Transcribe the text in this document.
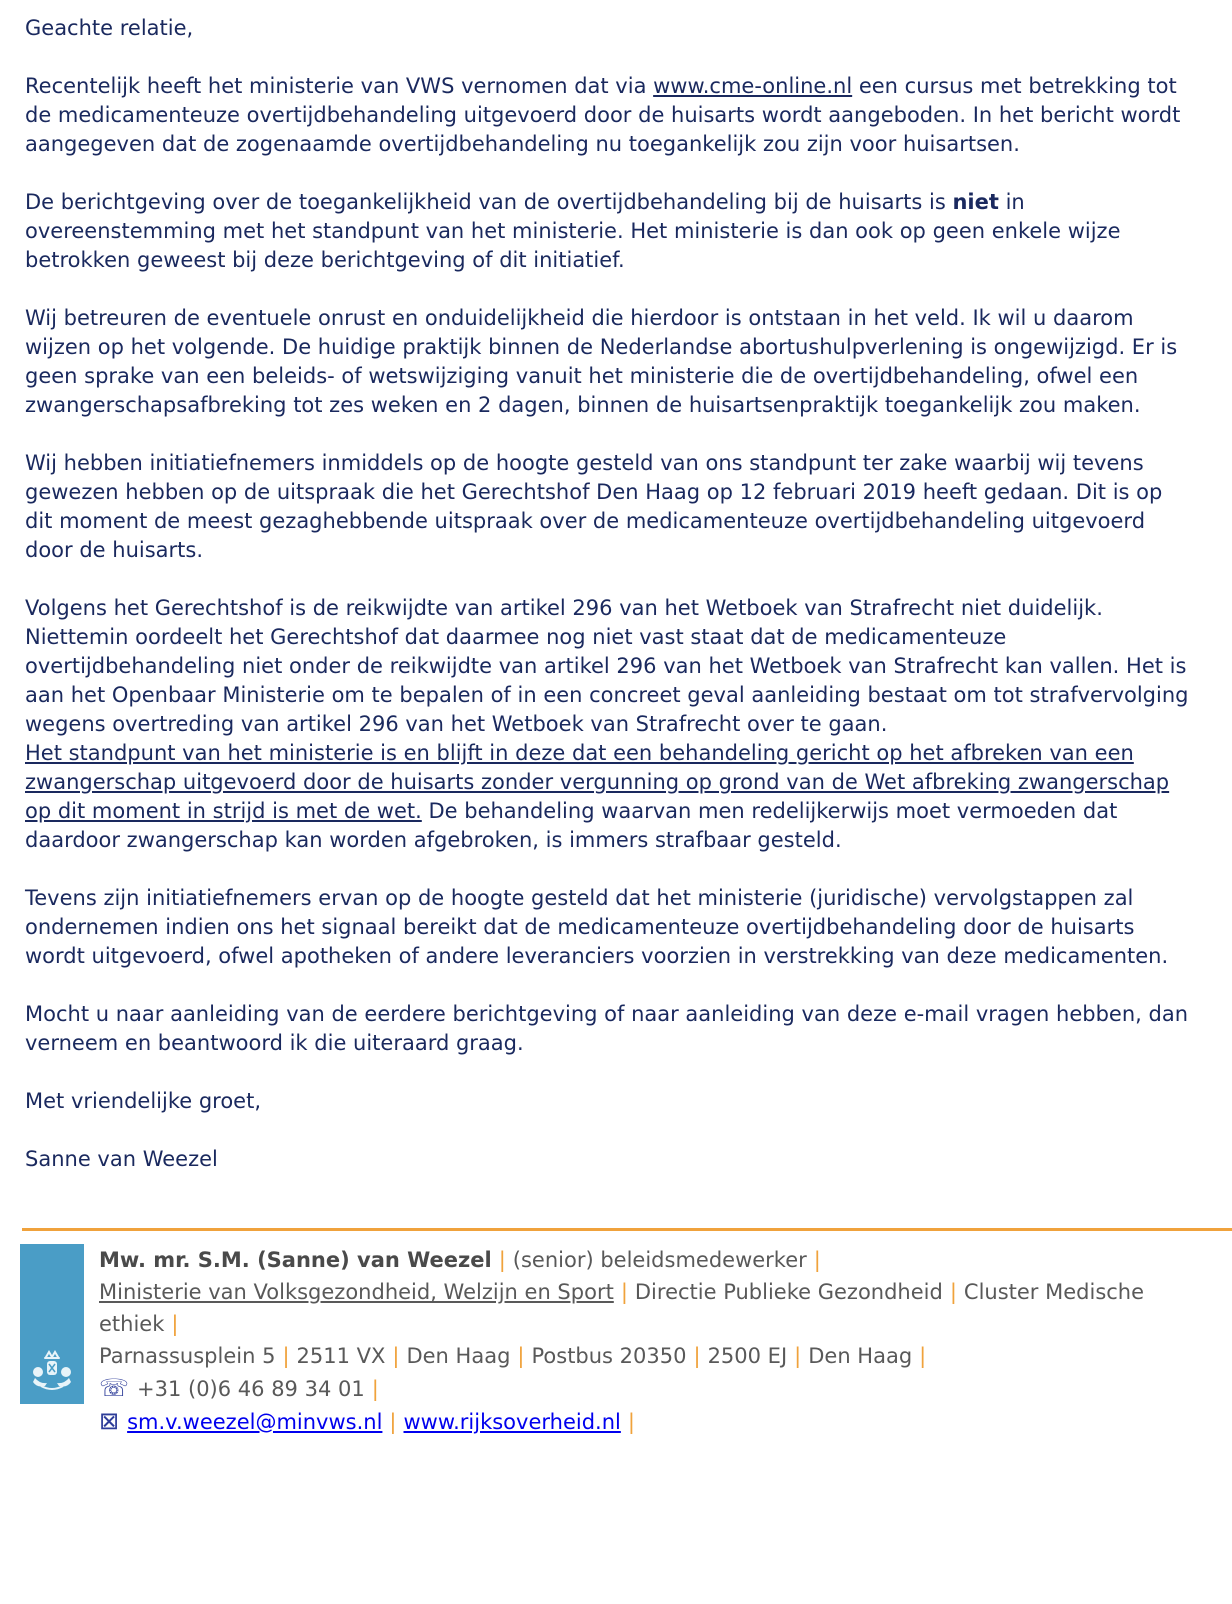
Geachte relatie,

Recentelijk heeft het ministerie van VWS vernomen dat via www.cme-online.nl een cursus met betrekking tot de medicamenteuze overtijdbehandeling uitgevoerd door de huisarts wordt aangeboden. In het bericht wordt aangegeven dat de zogenaamde overtijdbehandeling nu toegankelijk zou zijn voor huisartsen.

De berichtgeving over de toegankelijkheid van de overtijdbehandeling bij de huisarts is niet in overeenstemming met het standpunt van het ministerie. Het ministerie is dan ook op geen enkele wijze betrokken geweest bij deze berichtgeving of dit initiatief.

Wij betreuren de eventuele onrust en onduidelijkheid die hierdoor is ontstaan in het veld. Ik wil u daarom wijzen op het volgende. De huidige praktijk binnen de Nederlandse abortushulpverlening is ongewijzigd. Er is geen sprake van een beleids- of wetswijziging vanuit het ministerie die de overtijdbehandeling, ofwel een zwangerschapsafbreking tot zes weken en 2 dagen, binnen de huisartsenpraktijk toegankelijk zou maken.

Wij hebben initiatiefnemers inmiddels op de hoogte gesteld van ons standpunt ter zake waarbij wij tevens gewezen hebben op de uitspraak die het Gerechtshof Den Haag op 12 februari 2019 heeft gedaan. Dit is op dit moment de meest gezaghebbende uitspraak over de medicamenteuze overtijdbehandeling uitgevoerd door de huisarts.

Volgens het Gerechtshof is de reikwijdte van artikel 296 van het Wetboek van Strafrecht niet duidelijk. Niettemin oordeelt het Gerechtshof dat daarmee nog niet vast staat dat de medicamenteuze overtijdbehandeling niet onder de reikwijdte van artikel 296 van het Wetboek van Strafrecht kan vallen. Het is aan het Openbaar Ministerie om te bepalen of in een concreet geval aanleiding bestaat om tot strafvervolging wegens overtreding van artikel 296 van het Wetboek van Strafrecht over te gaan.
Het standpunt van het ministerie is en blijft in deze dat een behandeling gericht op het afbreken van een zwangerschap uitgevoerd door de huisarts zonder vergunning op grond van de Wet afbreking zwangerschap op dit moment in strijd is met de wet. De behandeling waarvan men redelijkerwijs moet vermoeden dat daardoor zwangerschap kan worden afgebroken, is immers strafbaar gesteld.

Tevens zijn initiatiefnemers ervan op de hoogte gesteld dat het ministerie (juridische) vervolgstappen zal ondernemen indien ons het signaal bereikt dat de medicamenteuze overtijdbehandeling door de huisarts wordt uitgevoerd, ofwel apotheken of andere leveranciers voorzien in verstrekking van deze medicamenten.

Mocht u naar aanleiding van de eerdere berichtgeving of naar aanleiding van deze e-mail vragen hebben, dan verneem en beantwoord ik die uiteraard graag.

Met vriendelijke groet,

Sanne van Weezel

Mw. mr. S.M. (Sanne) van Weezel | (senior) beleidsmedewerker |
Ministerie van Volksgezondheid, Welzijn en Sport | Directie Publieke Gezondheid | Cluster Medische ethiek |
Parnassusplein 5 | 2511 VX | Den Haag | Postbus 20350 | 2500 EJ | Den Haag |
☏ +31 (0)6 46 89 34 01 |
⊠ sm.v.weezel@minvws.nl | www.rijksoverheid.nl |
